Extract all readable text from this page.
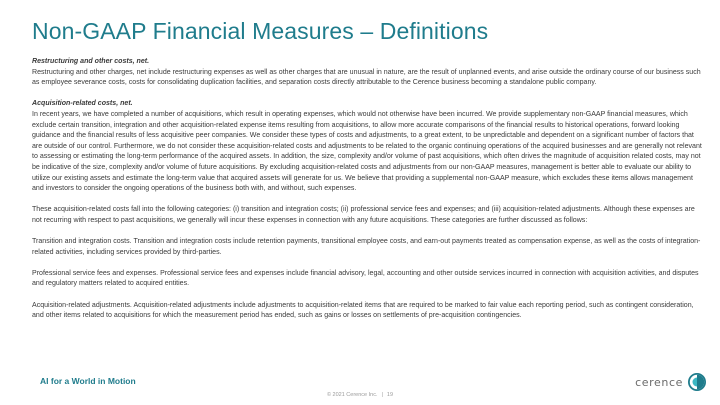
Non-GAAP Financial Measures – Definitions

Restructuring and other costs, net.

Restructuring and other charges, net include restructuring expenses as well as other charges that are unusual in nature, are the result of unplanned events, and arise outside the ordinary course of our business such as employee severance costs, costs for consolidating duplication facilities, and separation costs directly attributable to the Cerence business becoming a standalone public company.

Acquisition-related costs, net.

In recent years, we have completed a number of acquisitions, which result in operating expenses, which would not otherwise have been incurred. We provide supplementary non-GAAP financial measures, which exclude certain transition, integration and other acquisition-related expense items resulting from acquisitions, to allow more accurate comparisons of the financial results to historical operations, forward looking guidance and the financial results of less acquisitive peer companies. We consider these types of costs and adjustments, to a great extent, to be unpredictable and dependent on a significant number of factors that are outside of our control. Furthermore, we do not consider these acquisition-related costs and adjustments to be related to the organic continuing operations of the acquired businesses and are generally not relevant to assessing or estimating the long-term performance of the acquired assets. In addition, the size, complexity and/or volume of past acquisitions, which often drives the magnitude of acquisition related costs, may not be indicative of the size, complexity and/or volume of future acquisitions. By excluding acquisition-related costs and adjustments from our non-GAAP measures, management is better able to evaluate our ability to utilize our existing assets and estimate the long-term value that acquired assets will generate for us. We believe that providing a supplemental non-GAAP measure, which excludes these items allows management and investors to consider the ongoing operations of the business both with, and without, such expenses.

These acquisition-related costs fall into the following categories: (i) transition and integration costs; (ii) professional service fees and expenses; and (iii) acquisition-related adjustments. Although these expenses are not recurring with respect to past acquisitions, we generally will incur these expenses in connection with any future acquisitions. These categories are further discussed as follows:

Transition and integration costs. Transition and integration costs include retention payments, transitional employee costs, and earn-out payments treated as compensation expense, as well as the costs of integration-related activities, including services provided by third-parties.

Professional service fees and expenses. Professional service fees and expenses include financial advisory, legal, accounting and other outside services incurred in connection with acquisition activities, and disputes and regulatory matters related to acquired entities.

Acquisition-related adjustments. Acquisition-related adjustments include adjustments to acquisition-related items that are required to be marked to fair value each reporting period, such as contingent consideration, and other items related to acquisitions for which the measurement period has ended, such as gains or losses on settlements of pre-acquisition contingencies.

AI for a World in Motion
© 2021 Cerence Inc. | 19
cerence
